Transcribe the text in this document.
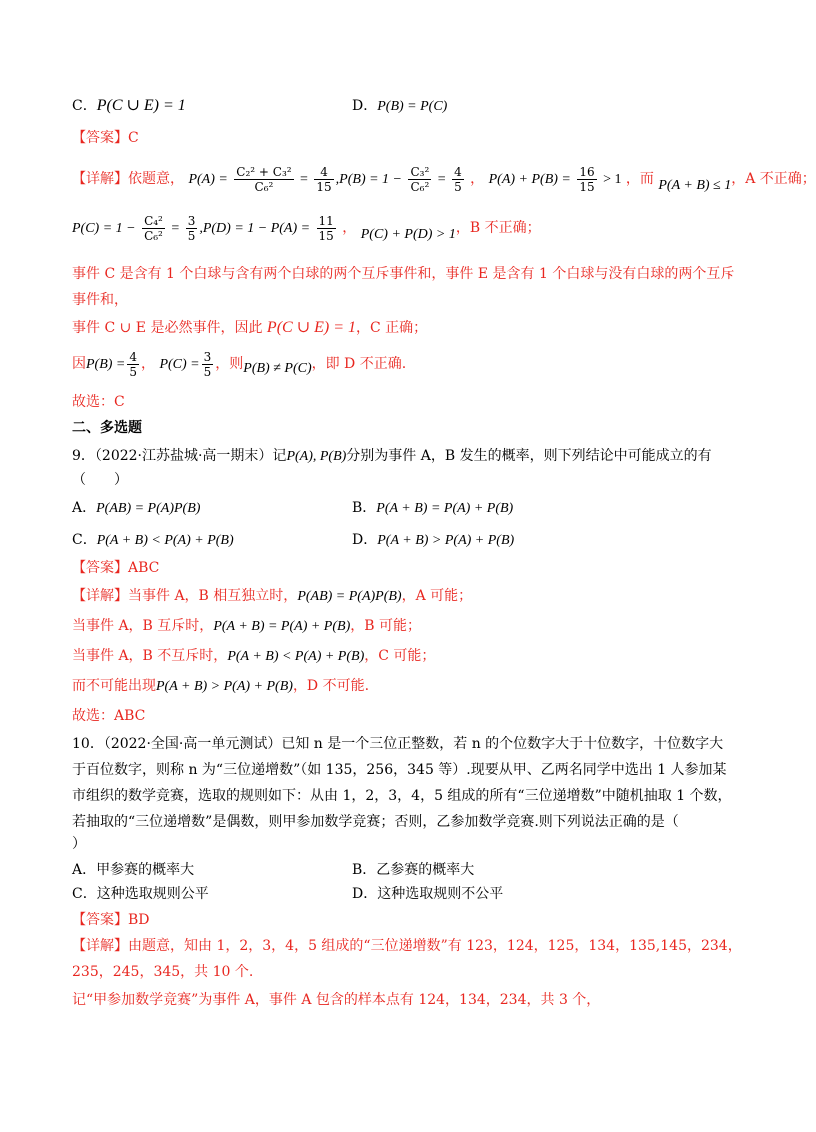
C．P(C ∪ E) = 1	D．P(B) = P(C)
【答案】C
【详解】依题意， $P(A) = \frac{\text{C₂² + C₃²}}{\text{C₆²}} = \frac{4}{15} ,P(B) = 1 - \frac{\text{C₃²}}{\text{C₆²}} = \frac{4}{5}$ ， $P(A) + P(B) = \frac{16}{15} > 1$ ，而 P(A + B) ≤ 1，A 不正确；
$P(C) = 1 - \frac{\text{C₄²}}{\text{C₆²}} = \frac{3}{5} ,P(D) = 1 - P(A) = \frac{11}{15}$ ， P(C) + P(D) > 1，B 不正确；
事件 C 是含有 1 个白球与含有两个白球的两个互斥事件和，事件 E 是含有 1 个白球与没有白球的两个互斥
事件和，
事件 C ∪ E 是必然事件，因此 P(C ∪ E) = 1，C 正确；
因$P(B) = \frac{4}{5}$ ， $P(C) = \frac{3}{5}$ ，则P(B) ≠ P(C)，即 D 不正确.
故选：C
二、多选题
9．（2022·江苏盐城·高一期末）记P(A), P(B)分别为事件 A，B 发生的概率，则下列结论中可能成立的有
（　　）
A．P(AB) = P(A)P(B)	B．P(A + B) = P(A) + P(B)
C．P(A + B) < P(A) + P(B)	D．P(A + B) > P(A) + P(B)
【答案】ABC
【详解】当事件 A，B 相互独立时，P(AB) = P(A)P(B)，A 可能；
当事件 A，B 互斥时，P(A + B) = P(A) + P(B)，B 可能；
当事件 A，B 不互斥时，P(A + B) < P(A) + P(B)，C 可能；
而不可能出现P(A + B) > P(A) + P(B)，D 不可能.
故选：ABC
10．（2022·全国·高一单元测试）已知 n 是一个三位正整数，若 n 的个位数字大于十位数字，十位数字大
于百位数字，则称 n 为“三位递增数”（如 135，256，345 等）.现要从甲、乙两名同学中选出 1 人参加某
市组织的数学竞赛，选取的规则如下：从由 1，2，3，4，5 组成的所有“三位递增数”中随机抽取 1 个数，
若抽取的“三位递增数”是偶数，则甲参加数学竞赛；否则，乙参加数学竞赛.则下列说法正确的是（
）
A．甲参赛的概率大	B．乙参赛的概率大
C．这种选取规则公平	D．这种选取规则不公平
【答案】BD
【详解】由题意，知由 1，2，3，4，5 组成的“三位递增数”有 123，124，125，134，135,145，234，
235，245，345，共 10 个.
记“甲参加数学竞赛”为事件 A，事件 A 包含的样本点有 124，134，234，共 3 个，
